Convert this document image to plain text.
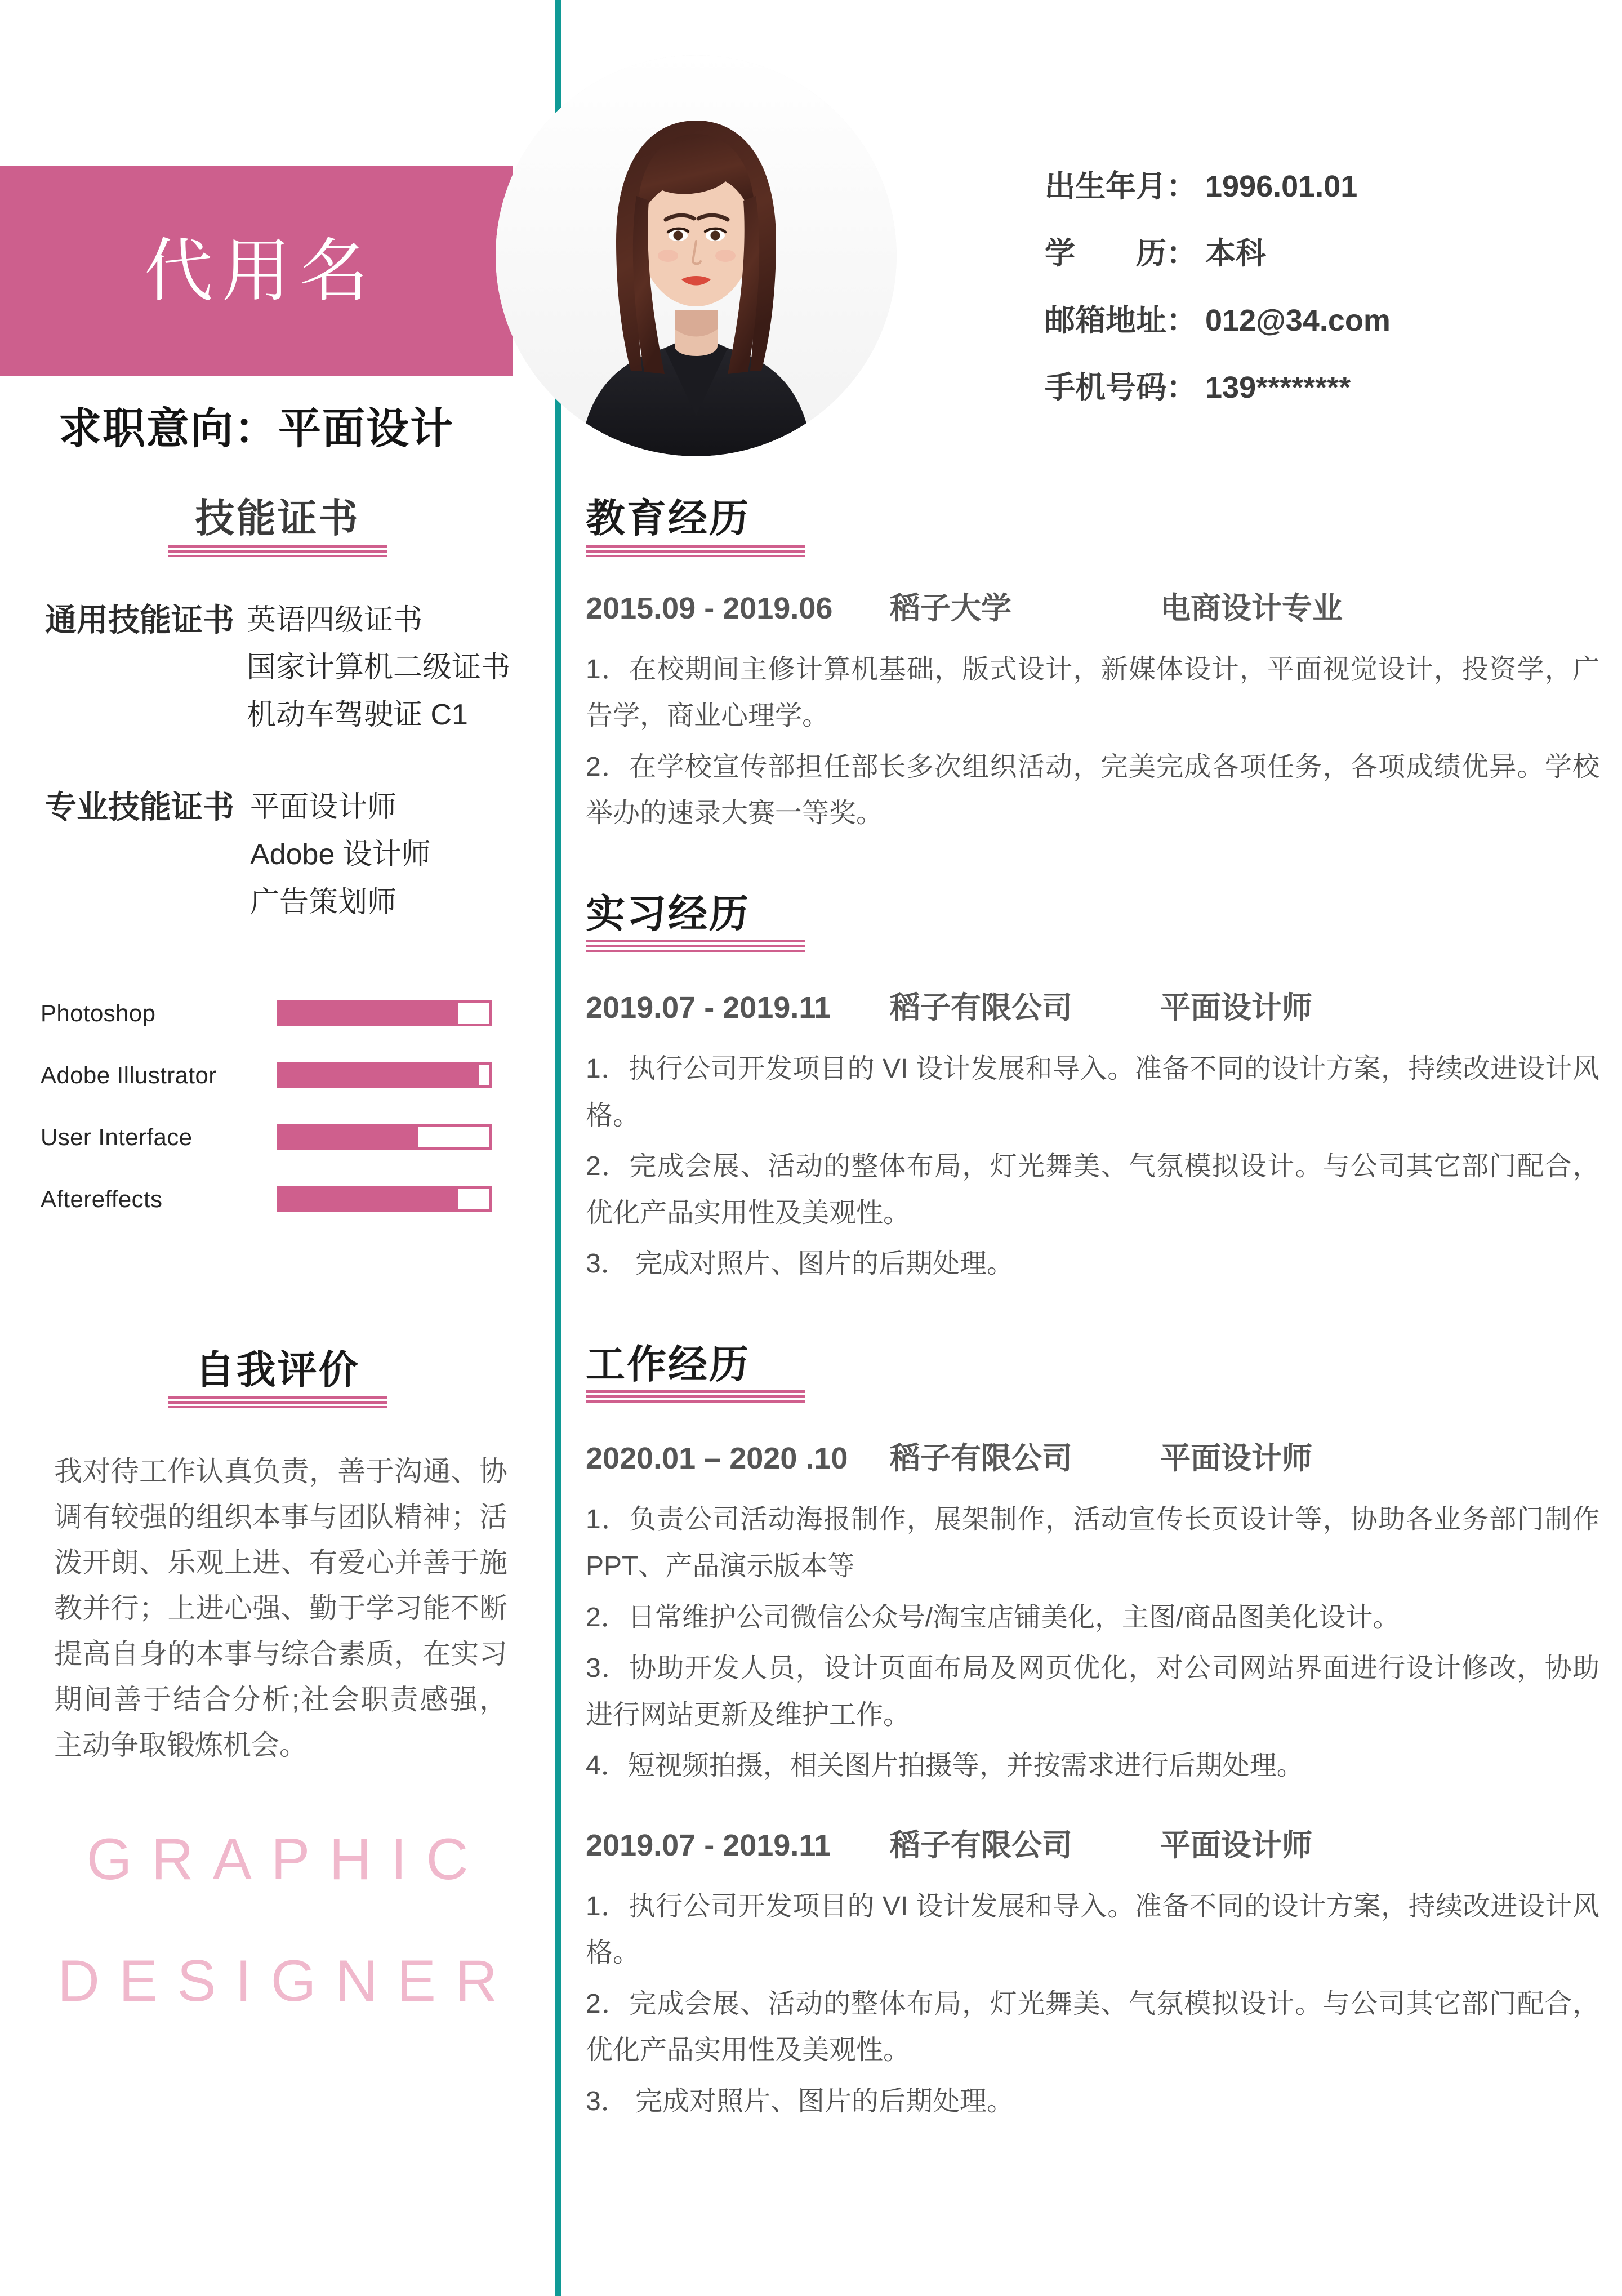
代用名
求职意向：平面设计
出生年月： 1996.01.01
学　　历： 本科
邮箱地址： 012@34.com
手机号码： 139********
技能证书
通用技能证书 英语四级证书
国家计算机二级证书
机动车驾驶证 C1
专业技能证书 平面设计师
Adobe 设计师
广告策划师
Photoshop
Adobe Illustrator
User Interface
Aftereffects
自我评价
我对待工作认真负责，善于沟通、协调有较强的组织本事与团队精神；活泼开朗、乐观上进、有爱心并善于施教并行；上进心强、勤于学习能不断提高自身的本事与综合素质，在实习期间善于结合分析;社会职责感强，主动争取锻炼机会。
GRAPHIC
DESIGNER
教育经历
2015.09 - 2019.06	稻子大学	电商设计专业

1．在校期间主修计算机基础，版式设计，新媒体设计，平面视觉设计，投资学，广告学，商业心理学。

2．在学校宣传部担任部长多次组织活动，完美完成各项任务，各项成绩优异。学校举办的速录大赛一等奖。

实习经历
2019.07 - 2019.11	稻子有限公司	平面设计师

1．执行公司开发项目的 VI 设计发展和导入。准备不同的设计方案，持续改进设计风格。

2．完成会展、活动的整体布局，灯光舞美、气氛模拟设计。与公司其它部门配合，优化产品实用性及美观性。

3． 完成对照片、图片的后期处理。

工作经历
2020.01 – 2020 .10	稻子有限公司	平面设计师

1．负责公司活动海报制作，展架制作，活动宣传长页设计等，协助各业务部门制作 PPT、产品演示版本等

2．日常维护公司微信公众号/淘宝店铺美化，主图/商品图美化设计。

3．协助开发人员，设计页面布局及网页优化，对公司网站界面进行设计修改，协助进行网站更新及维护工作。

4．短视频拍摄，相关图片拍摄等，并按需求进行后期处理。

2019.07 - 2019.11	稻子有限公司	平面设计师

1．执行公司开发项目的 VI 设计发展和导入。准备不同的设计方案，持续改进设计风格。

2．完成会展、活动的整体布局，灯光舞美、气氛模拟设计。与公司其它部门配合，优化产品实用性及美观性。

3． 完成对照片、图片的后期处理。
